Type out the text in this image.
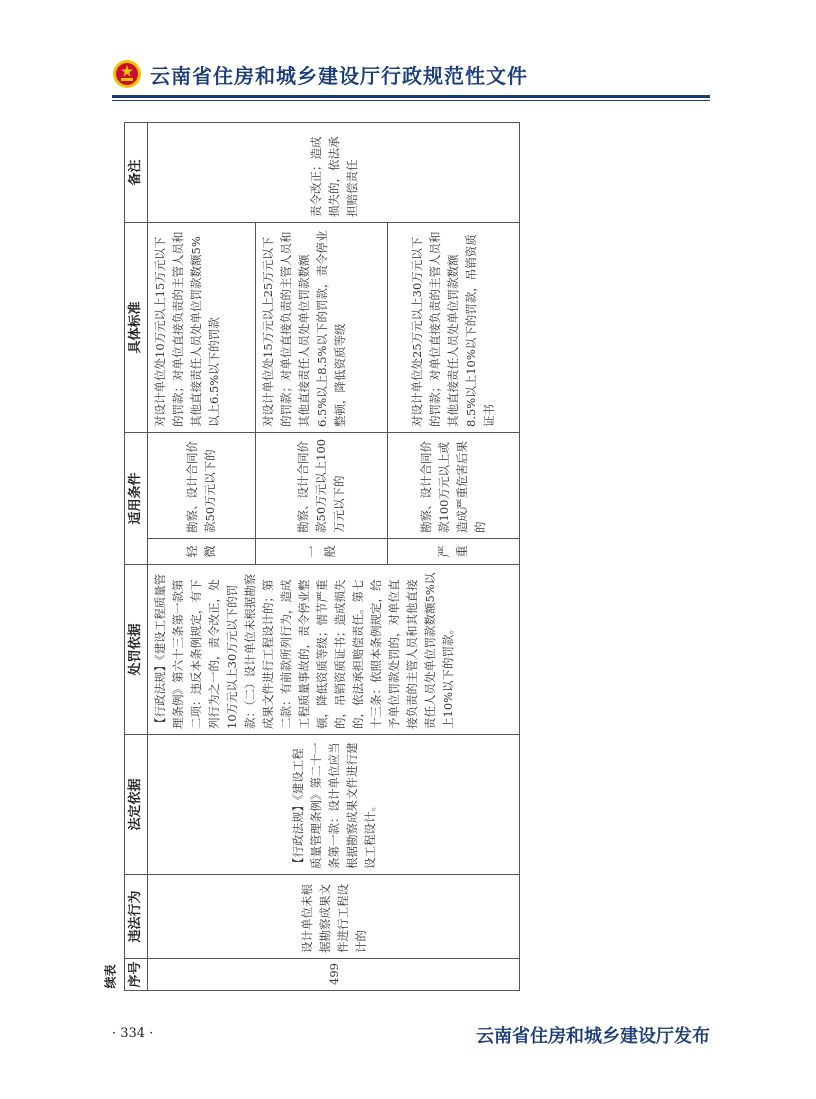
云南省住房和城乡建设厅行政规范性文件
续表 序号	违法行为	法定依据	处罚依据	适用条件		具体标准	备注
499	设计单位未根据勘察成果文件进行工程设计的	【行政法规】《建设工程质量管理条例》第二十一条第一款：设计单位应当根据勘察成果文件进行建设工程设计。	【行政法规】《建设工程质量管理条例》第六十三条第一款第二项：违反本条例规定，有下列行为之一的，责令改正，处10万元以上30万元以下的罚款：（二）设计单位未根据勘察成果文件进行工程设计的；第二款：有前款所列行为，造成工程质量事故的，责令停业整顿，降低资质等级；情节严重的，吊销资质证书；造成损失的，依法承担赔偿责任。第七十三条：依照本条例规定，给予单位罚款处罚的，对单位直接负责的主管人员和其他直接责任人员处单位罚款数额5%以上10%以下的罚款。	轻微	勘察、设计合同价款50万元以下的	对设计单位处10万元以上15万元以下的罚款；对单位直接负责的主管人员和其他直接责任人员处单位罚款数额5%以上6.5%以下的罚款	责令改正；造成损失的，依法承担赔偿责任
				一般	勘察、设计合同价款50万元以上100万元以下的	对设计单位处15万元以上25万元以下的罚款；对单位直接负责的主管人员和其他直接责任人员处单位罚款数额6.5%以上8.5%以下的罚款，责令停业整顿，降低资质等级	
				严重	勘察、设计合同价款100万元以上或造成严重危害后果的	对设计单位处25万元以上30万元以下的罚款；对单位直接负责的主管人员和其他直接责任人员处单位罚款数额8.5%以上10%以下的罚款，吊销资质证书	
· 334 ·	云南省住房和城乡建设厅发布
